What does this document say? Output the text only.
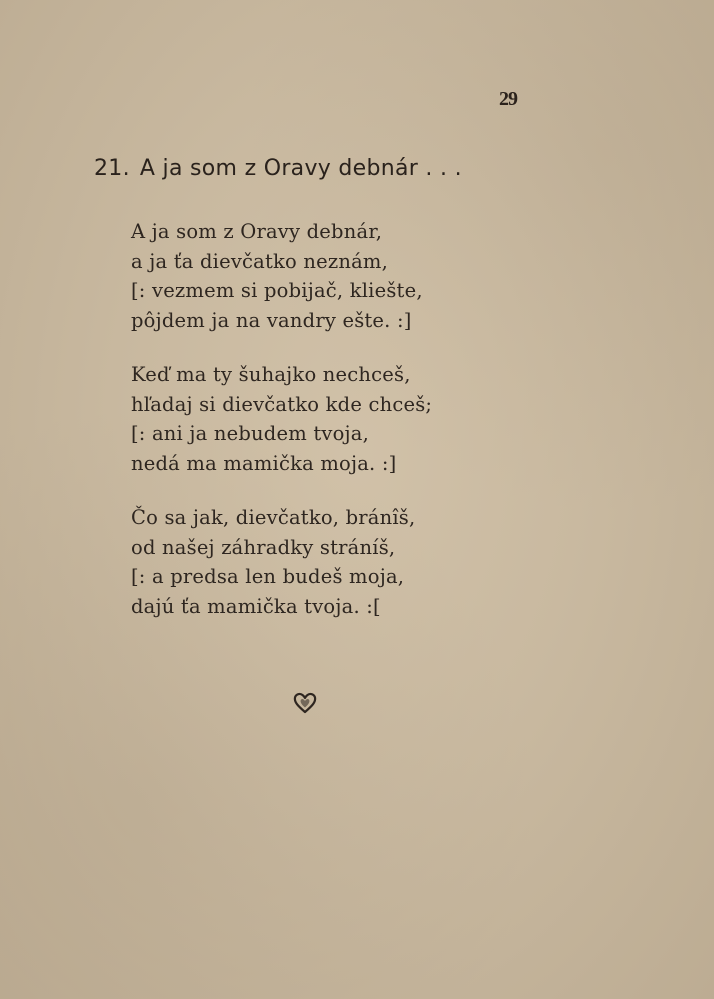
29
21. A ja som z Oravy debnár . . .
A ja som z Oravy debnár,
a ja ťa dievčatko neznám,
[: vezmem si pobijač, kliešte,
pôjdem ja na vandry ešte. :]
Keď ma ty šuhajko nechceš,
hľadaj si dievčatko kde chceš;
[: ani ja nebudem tvoja,
nedá ma mamička moja. :]
Čo sa jak, dievčatko, bránîš,
od našej záhradky stráníš,
[: a predsa len budeš moja,
dajú ťa mamička tvoja. :[
